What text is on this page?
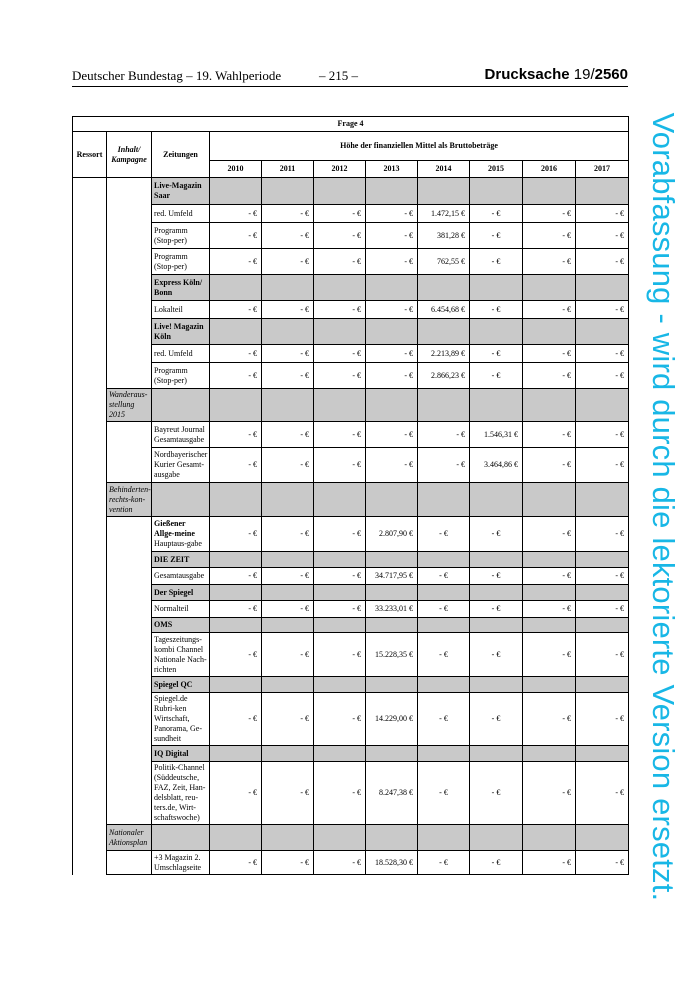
Deutscher Bundestag – 19. Wahlperiode	– 215 –	Drucksache 19/2560
Frage 4										
Ressort	Inhalt/ Kampagne	Zeitungen	Höhe der finanziellen Mittel als Bruttobeträge							
			2010	2011	2012	2013	2014	2015	2016	2017
		Live-Magazin Saar								
		red. Umfeld	- €	- €	- €	- €	1.472,15 €	- €	- €	- €
		Programm (Stop-per)	- €	- €	- €	- €	381,28 €	- €	- €	- €
		Programm (Stop-per)	- €	- €	- €	- €	762,55 €	- €	- €	- €
		Express Köln/ Bonn								
		Lokalteil	- €	- €	- €	- €	6.454,68 €	- €	- €	- €
		Live! Magazin Köln								
		red. Umfeld	- €	- €	- €	- €	2.213,89 €	- €	- €	- €
		Programm (Stop-per)	- €	- €	- €	- €	2.866,23 €	- €	- €	- €
	Wanderaus-stellung 2015									
		Bayreut Journal Gesamtausgabe	- €	- €	- €	- €	- €	1.546,31 €	- €	- €
		Nordbayerischer Kurier Gesamt-ausgabe	- €	- €	- €	- €	- €	3.464,86 €	- €	- €
	Behinderten-rechts-kon-vention									
		Gießener Allge-meine Hauptaus-gabe	- €	- €	- €	2.807,90 €	- €	- €	- €	- €
		DIE ZEIT								
		Gesamtausgabe	- €	- €	- €	34.717,95 €	- €	- €	- €	- €
		Der Spiegel								
		Normalteil	- €	- €	- €	33.233,01 €	- €	- €	- €	- €
		OMS								
		Tageszeitungs-kombi Channel Nationale Nach-richten	- €	- €	- €	15.228,35 €	- €	- €	- €	- €
		Spiegel QC								
		Spiegel.de Rubri-ken Wirtschaft, Panorama, Ge-sundheit	- €	- €	- €	14.229,00 €	- €	- €	- €	- €
		IQ Digital								
		Politik-Channel (Süddeutsche, FAZ, Zeit, Han-delsblatt, reu-ters.de, Wirt-schaftswoche)	- €	- €	- €	8.247,38 €	- €	- €	- €	- €
	Nationaler Aktionsplan									
		+3 Magazin 2. Umschlagseite	- €	- €	- €	18.528,30 €	- €	- €	- €	- € Vorabfassung - wird durch die lektorierte Version ersetzt.
